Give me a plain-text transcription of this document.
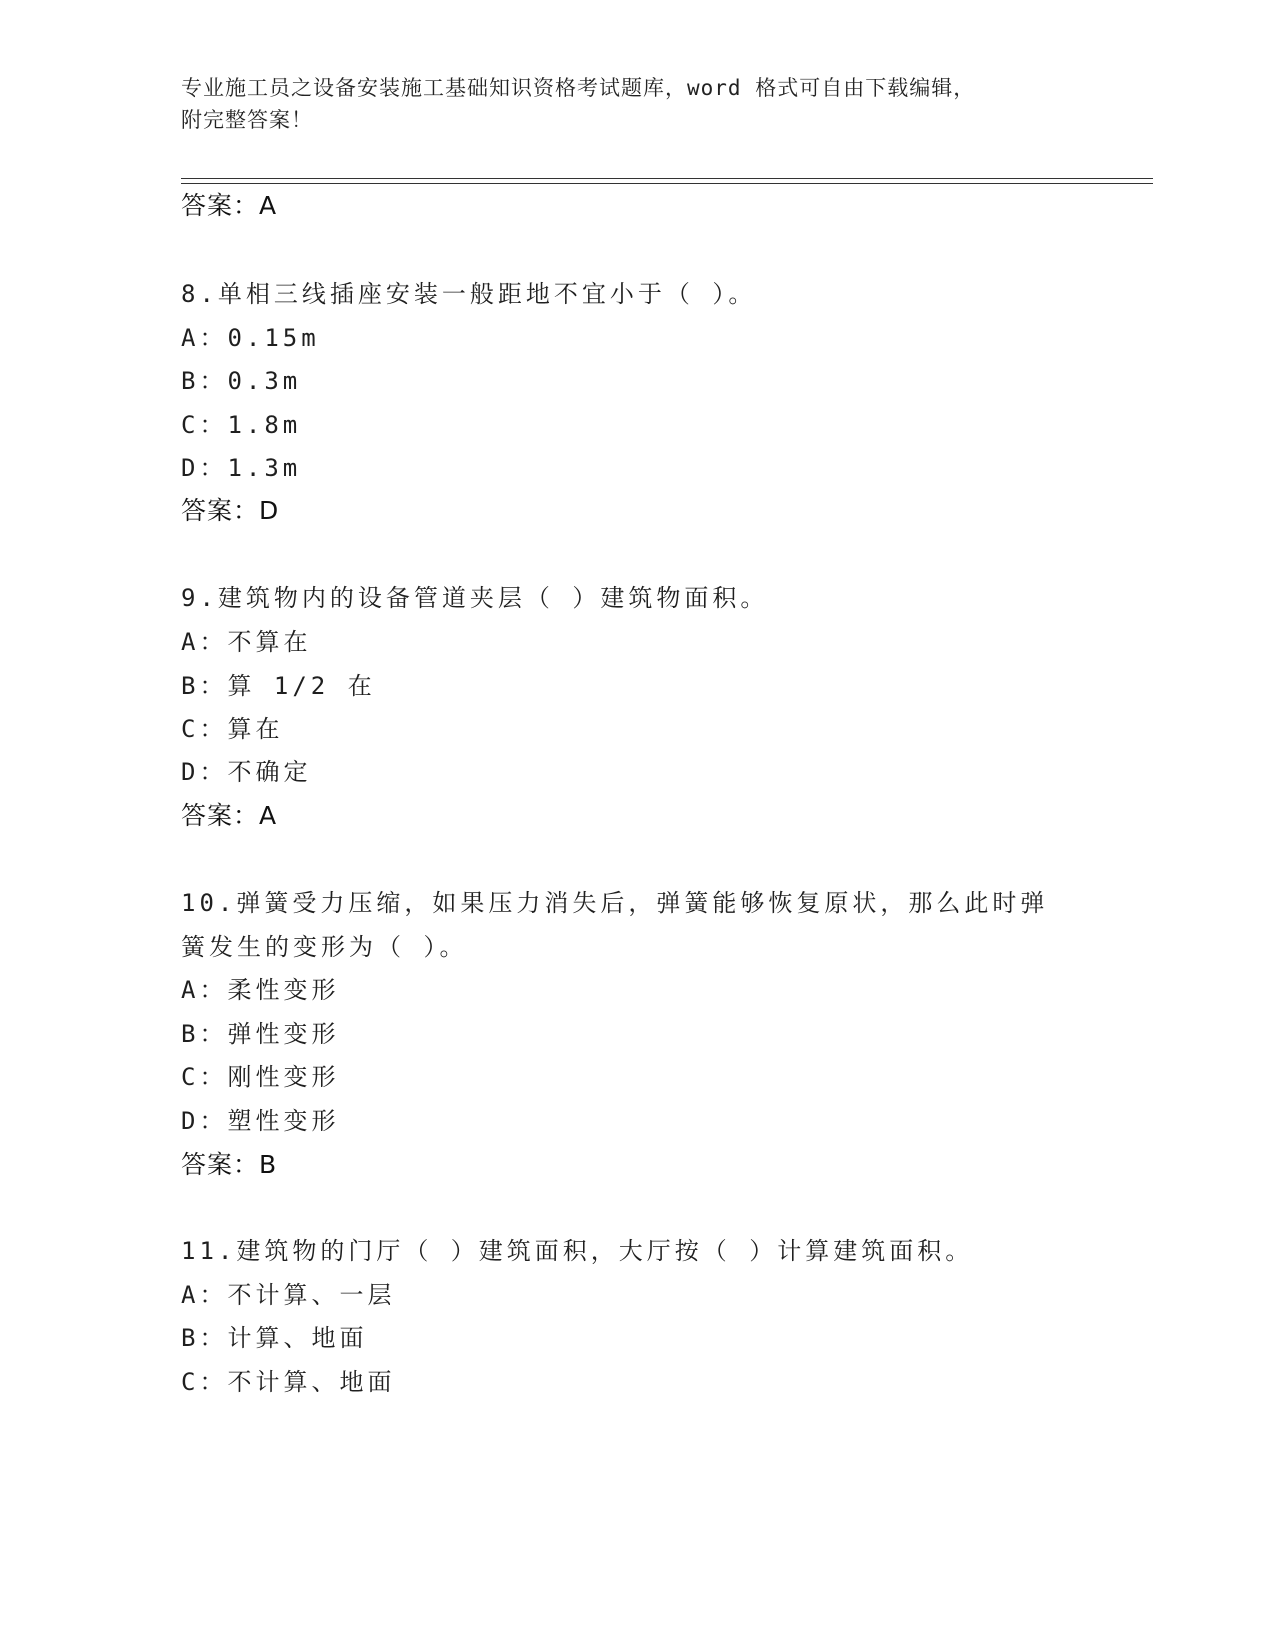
专业施工员之设备安装施工基础知识资格考试题库，word 格式可自由下载编辑，
附完整答案！
答案：A
8.单相三线插座安装一般距地不宜小于（ ）。
A：0.15m
B：0.3m
C：1.8m
D：1.3m
答案：D
9.建筑物内的设备管道夹层（ ）建筑物面积。
A：不算在
B：算 1/2 在
C：算在
D：不确定
答案：A
10.弹簧受力压缩，如果压力消失后，弹簧能够恢复原状，那么此时弹
簧发生的变形为（ ）。
A：柔性变形
B：弹性变形
C：刚性变形
D：塑性变形
答案：B
11.建筑物的门厅（ ）建筑面积，大厅按（ ）计算建筑面积。
A：不计算、一层
B：计算、地面
C：不计算、地面
